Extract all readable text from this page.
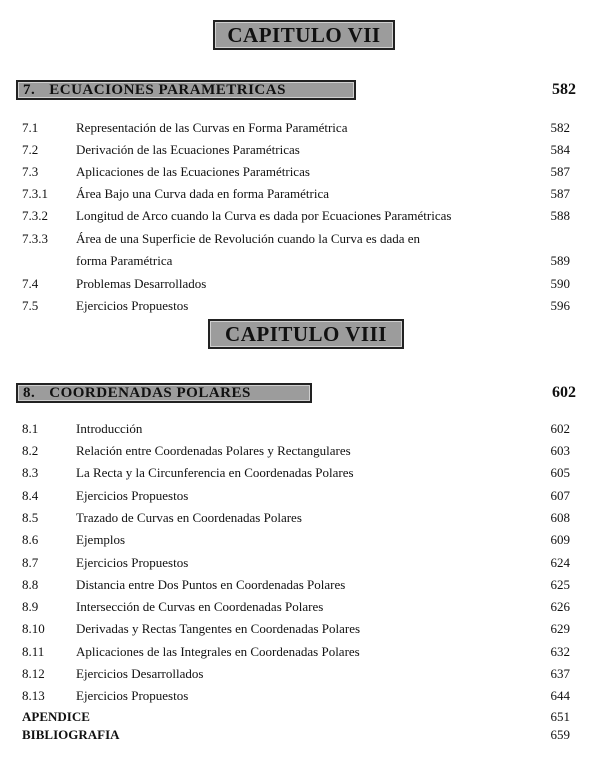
CAPITULO VII
7. ECUACIONES PARAMETRICAS	582
7.1	Representación de las Curvas en Forma Paramétrica	582
7.2	Derivación de las Ecuaciones Paramétricas	584
7.3	Aplicaciones de las Ecuaciones Paramétricas	587
7.3.1 Área Bajo una Curva dada en forma Paramétrica	587
7.3.2 Longitud de Arco cuando la Curva es dada por Ecuaciones Paramétricas	588
7.3.3 Área de una Superficie de Revolución cuando la Curva es dada en
forma Paramétrica	589
7.4	Problemas Desarrollados	590
7.5	Ejercicios Propuestos	596
CAPITULO VIII
8. COORDENADAS POLARES	602
8.1	Introducción	602
8.2	Relación entre Coordenadas Polares y Rectangulares	603
8.3	La Recta y la Circunferencia en Coordenadas Polares	605
8.4	Ejercicios Propuestos	607
8.5	Trazado de Curvas en Coordenadas Polares	608
8.6	Ejemplos	609
8.7	Ejercicios Propuestos	624
8.8	Distancia entre Dos Puntos en Coordenadas Polares	625
8.9	Intersección de Curvas en Coordenadas Polares	626
8.10 Derivadas y Rectas Tangentes en Coordenadas Polares	629
8.11 Aplicaciones de las Integrales en Coordenadas Polares	632
8.12 Ejercicios Desarrollados	637
8.13 Ejercicios Propuestos	644
APENDICE	651
BIBLIOGRAFIA	659
